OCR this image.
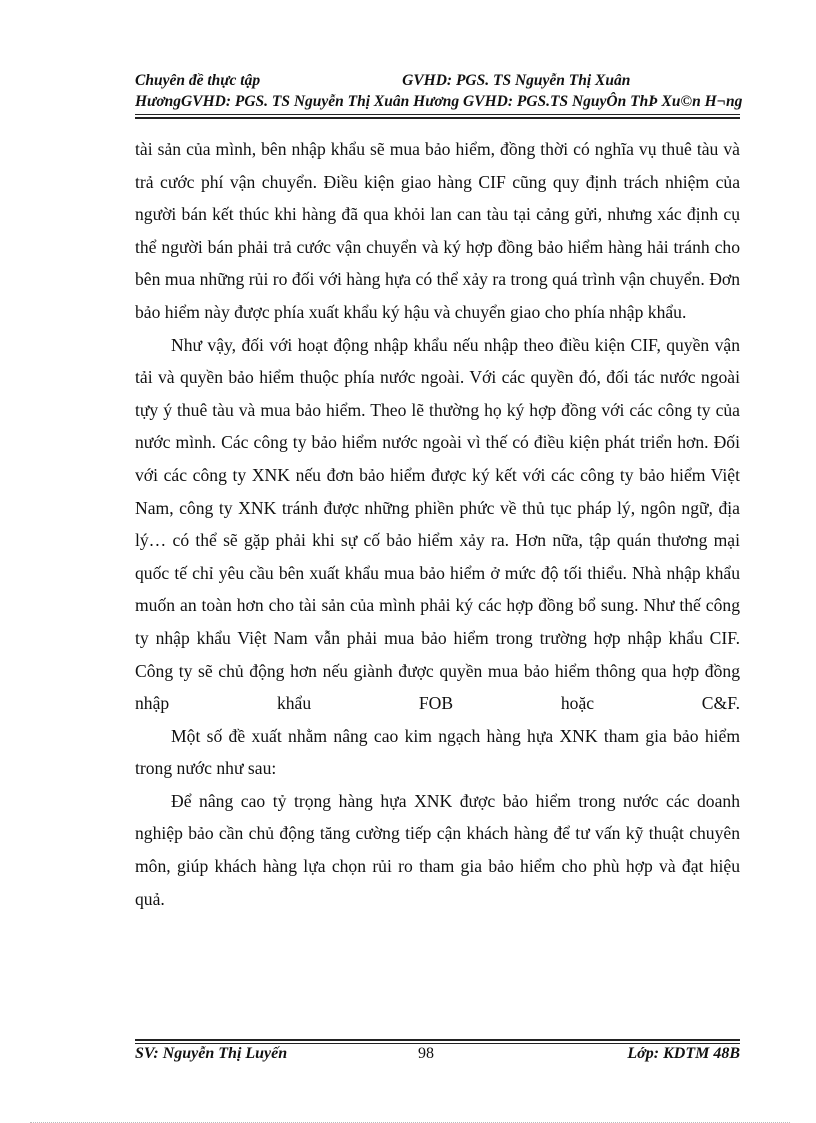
Chuyên đề thực tập	GVHD: PGS. TS Nguyễn Thị Xuân
HươngGVHD: PGS. TS Nguyễn Thị Xuân Hương GVHD: PGS.TS NguyÔn ThÞ Xu©n H¬ng

tài sản của mình, bên nhập khẩu sẽ mua bảo hiểm, đồng thời có nghĩa vụ thuê tàu và trả cước phí vận chuyển. Điều kiện giao hàng CIF cũng quy định trách nhiệm của người bán kết thúc khi hàng đã qua khỏi lan can tàu tại cảng gửi, nhưng xác định cụ thể người bán phải trả cước vận chuyển và ký hợp đồng bảo hiểm hàng hải tránh cho bên mua những rủi ro đối với hàng hựa có thể xảy ra trong quá trình vận chuyển. Đơn bảo hiểm này được phía xuất khẩu ký hậu và chuyển giao cho phía nhập khẩu.

Như vậy, đối với hoạt động nhập khẩu nếu nhập theo điều kiện CIF, quyền vận tải và quyền bảo hiểm thuộc phía nước ngoài. Với các quyền đó, đối tác nước ngoài tựy ý thuê tàu và mua bảo hiểm. Theo lẽ thường họ ký hợp đồng với các công ty của nước mình. Các công ty bảo hiểm nước ngoài vì thế có điều kiện phát triển hơn. Đối với các công ty XNK nếu đơn bảo hiểm được ký kết với các công ty bảo hiểm Việt Nam, công ty XNK tránh được những phiền phức về thủ tục pháp lý, ngôn ngữ, địa lý… có thể sẽ gặp phải khi sự cố bảo hiểm xảy ra. Hơn nữa, tập quán thương mại quốc tế chỉ yêu cầu bên xuất khẩu mua bảo hiểm ở mức độ tối thiểu. Nhà nhập khẩu muốn an toàn hơn cho tài sản của mình phải ký các hợp đồng bổ sung. Như thế công ty nhập khẩu Việt Nam vẫn phải mua bảo hiểm trong trường hợp nhập khẩu CIF. Công ty sẽ chủ động hơn nếu giành được quyền mua bảo hiểm thông qua hợp đồng nhập khẩu FOB hoặc C&F.

Một số đề xuất nhằm nâng cao kim ngạch hàng hựa XNK tham gia bảo hiểm trong nước như sau:

Để nâng cao tỷ trọng hàng hựa XNK được bảo hiểm trong nước các doanh nghiệp bảo cần chủ động tăng cường tiếp cận khách hàng để tư vấn kỹ thuật chuyên môn, giúp khách hàng lựa chọn rủi ro tham gia bảo hiểm cho phù hợp và đạt hiệu quả.

SV: Nguyễn Thị Luyến	98	Lớp: KDTM 48B
